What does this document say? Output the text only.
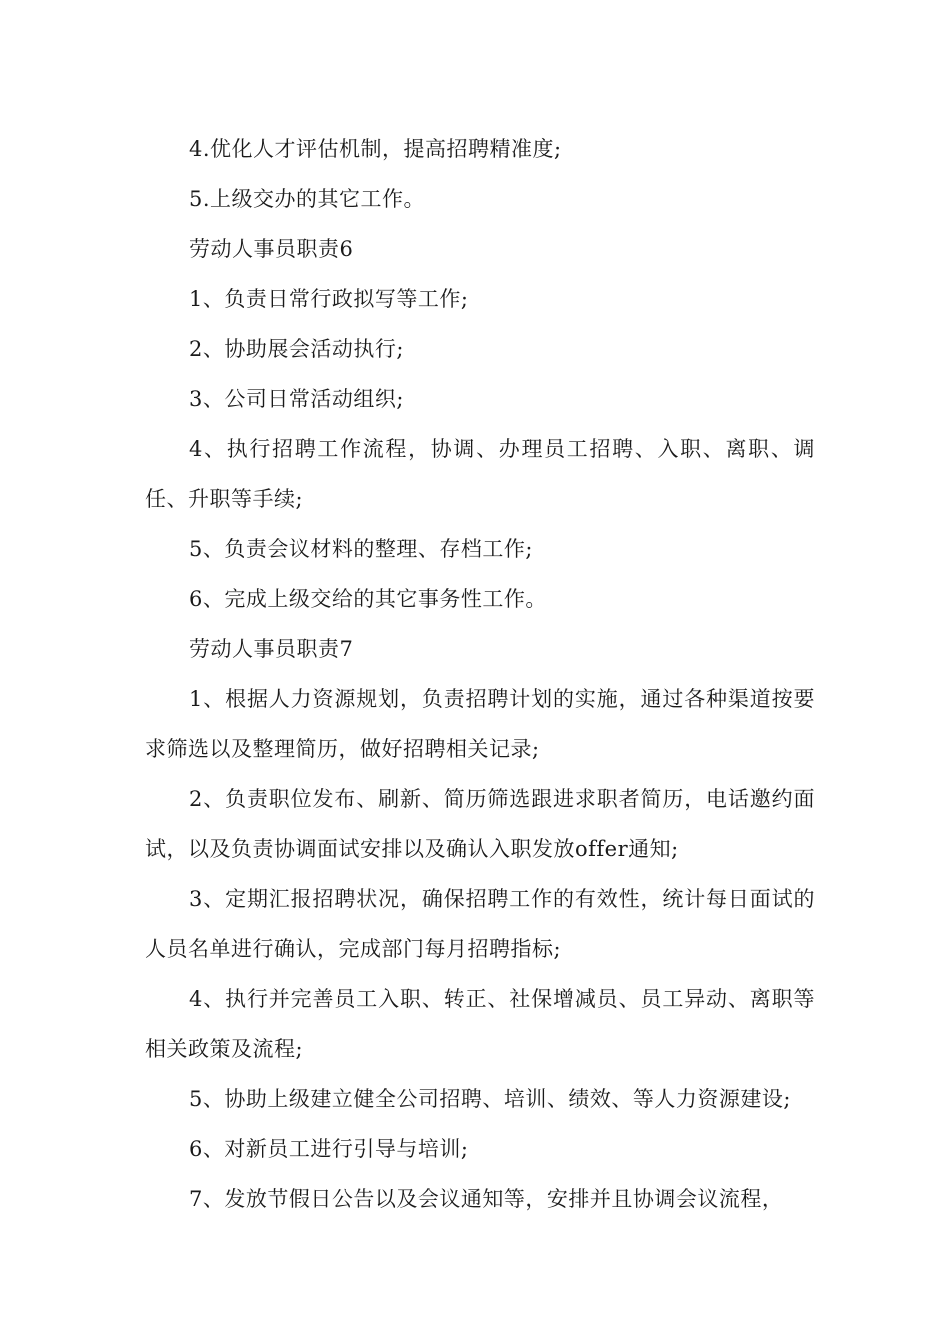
4.优化人才评估机制，提高招聘精准度;

5.上级交办的其它工作。

劳动人事员职责6

1、负责日常行政拟写等工作;

2、协助展会活动执行;

3、公司日常活动组织;

4、执行招聘工作流程，协调、办理员工招聘、入职、离职、调任、升职等手续;

5、负责会议材料的整理、存档工作;

6、完成上级交给的其它事务性工作。

劳动人事员职责7

1、根据人力资源规划，负责招聘计划的实施，通过各种渠道按要求筛选以及整理简历，做好招聘相关记录;

2、负责职位发布、刷新、简历筛选跟进求职者简历，电话邀约面试，以及负责协调面试安排以及确认入职发放offer通知;

3、定期汇报招聘状况，确保招聘工作的有效性，统计每日面试的人员名单进行确认，完成部门每月招聘指标;

4、执行并完善员工入职、转正、社保增减员、员工异动、离职等相关政策及流程;

5、协助上级建立健全公司招聘、培训、绩效、等人力资源建设;

6、对新员工进行引导与培训;

7、发放节假日公告以及会议通知等，安排并且协调会议流程，
